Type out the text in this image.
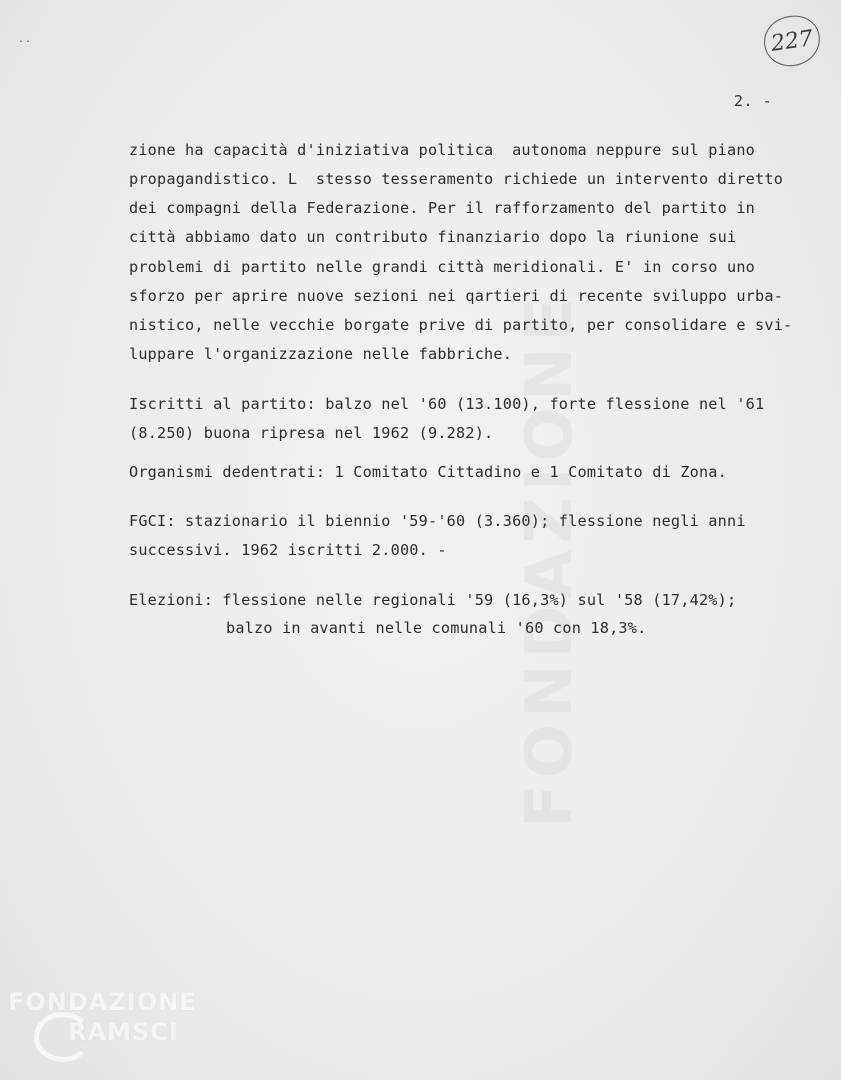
..	227
FONDAZIONE
2. -
zione ha capacità d'iniziativa politica  autonoma neppure sul piano
propagandistico. L  stesso tesseramento richiede un intervento diretto
dei compagni della Federazione. Per il rafforzamento del partito in
città abbiamo dato un contributo finanziario dopo la riunione sui
problemi di partito nelle grandi città meridionali. E' in corso uno
sforzo per aprire nuove sezioni nei qartieri di recente sviluppo urba-
nistico, nelle vecchie borgate prive di partito, per consolidare e svi-
luppare l'organizzazione nelle fabbriche.
Iscritti al partito: balzo nel '60 (13.100), forte flessione nel '61
(8.250) buona ripresa nel 1962 (9.282).
Organismi dedentrati: 1 Comitato Cittadino e 1 Comitato di Zona.
FGCI: stazionario il biennio '59-'60 (3.360); flessione negli anni
successivi. 1962 iscritti 2.000. -
Elezioni: flessione nelle regionali '59 (16,3%) sul '58 (17,42%);
balzo in avanti nelle comunali '60 con 18,3%.
FONDAZIONE
RAMSCI
